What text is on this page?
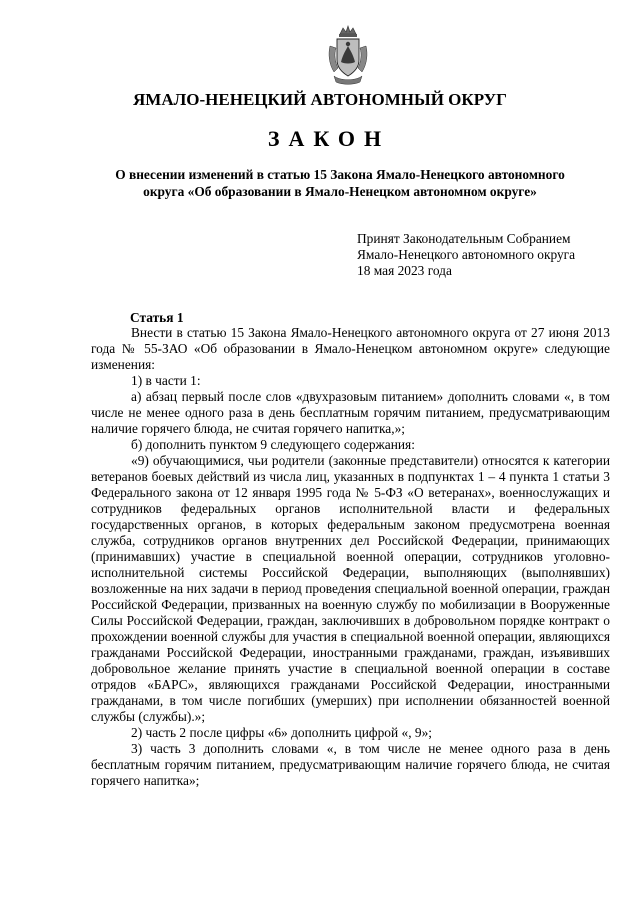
ЯМАЛО-НЕНЕЦКИЙ АВТОНОМНЫЙ ОКРУГ
ЗАКОН
О внесении изменений в статью 15 Закона Ямало-Ненецкого автономного
округа «Об образовании в Ямало-Ненецком автономном округе»
Принят Законодательным Собранием
Ямало-Ненецкого автономного округа
18 мая 2023 года
Статья 1

Внести в статью 15 Закона Ямало-Ненецкого автономного округа от 27 июня 2013 года № 55-ЗАО «Об образовании в Ямало-Ненецком автономном округе» следующие изменения:

1) в части 1:

а) абзац первый после слов «двухразовым питанием» дополнить словами «, в том числе не менее одного раза в день бесплатным горячим питанием, предусматривающим наличие горячего блюда, не считая горячего напитка,»;

б) дополнить пунктом 9 следующего содержания:

«9) обучающимися, чьи родители (законные представители) относятся к категории ветеранов боевых действий из числа лиц, указанных в подпунктах 1 – 4 пункта 1 статьи 3 Федерального закона от 12 января 1995 года № 5-ФЗ «О ветеранах», военнослужащих и сотрудников федеральных органов исполнительной власти и федеральных государственных органов, в которых федеральным законом предусмотрена военная служба, сотрудников органов внутренних дел Российской Федерации, принимающих (принимавших) участие в специальной военной операции, сотрудников уголовно-исполнительной системы Российской Федерации, выполняющих (выполнявших) возложенные на них задачи в период проведения специальной военной операции, граждан Российской Федерации, призванных на военную службу по мобилизации в Вооруженные Силы Российской Федерации, граждан, заключивших в добровольном порядке контракт о прохождении военной службы для участия в специальной военной операции, являющихся гражданами Российской Федерации, иностранными гражданами, граждан, изъявивших добровольное желание принять участие в специальной военной операции в составе отрядов «БАРС», являющихся гражданами Российской Федерации, иностранными гражданами, в том числе погибших (умерших) при исполнении обязанностей военной службы (службы).»;

2) часть 2 после цифры «6» дополнить цифрой «, 9»;

3) часть 3 дополнить словами «, в том числе не менее одного раза в день бесплатным горячим питанием, предусматривающим наличие горячего блюда, не считая горячего напитка»;
